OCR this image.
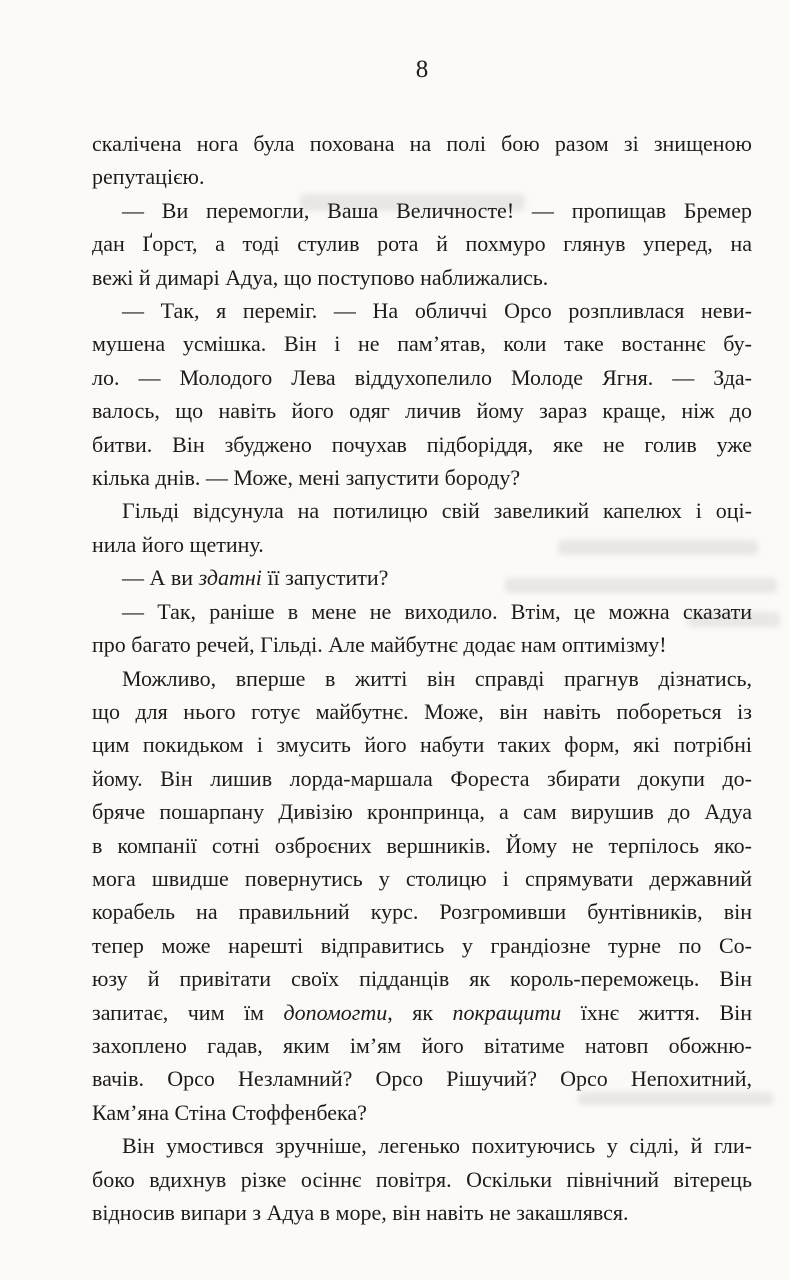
8
скалічена нога була похована на полі бою разом зі знищеною
репутацією.
— Ви перемогли, Ваша Величносте! — пропищав Бремер
дан Ґорст, а тоді стулив рота й похмуро глянув уперед, на
вежі й димарі Адуа, що поступово наближались.
— Так, я переміг. — На обличчі Орсо розпливлася неви-
мушена усмішка. Він і не пам’ятав, коли таке востаннє бу-
ло. — Молодого Лева віддухопелило Молоде Ягня. — Зда-
валось, що навіть його одяг личив йому зараз краще, ніж до
битви. Він збуджено почухав підборіддя, яке не голив уже
кілька днів. — Може, мені запустити бороду?
Гільді відсунула на потилицю свій завеликий капелюх і оці-
нила його щетину.
— А ви здатні її запустити?
— Так, раніше в мене не виходило. Втім, це можна сказати
про багато речей, Гільді. Але майбутнє додає нам оптимізму!
Можливо, вперше в житті він справді прагнув дізнатись,
що для нього готує майбутнє. Може, він навіть побореться із
цим покидьком і змусить його набути таких форм, які потрібні
йому. Він лишив лорда-маршала Фореста збирати докупи до-
бряче пошарпану Дивізію кронпринца, а сам вирушив до Адуа
в компанії сотні озброєних вершників. Йому не терпілось яко-
мога швидше повернутись у столицю і спрямувати державний
корабель на правильний курс. Розгромивши бунтівників, він
тепер може нарешті відправитись у грандіозне турне по Со-
юзу й привітати своїх підданців як король-переможець. Він
запитає, чим їм допомогти, як покращити їхнє життя. Він
захоплено гадав, яким ім’ям його вітатиме натовп обожню-
вачів. Орсо Незламний? Орсо Рішучий? Орсо Непохитний,
Кам’яна Стіна Стоффенбека?
Він умостився зручніше, легенько похитуючись у сідлі, й гли-
боко вдихнув різке осіннє повітря. Оскільки північний вітерець
відносив випари з Адуа в море, він навіть не закашлявся.
